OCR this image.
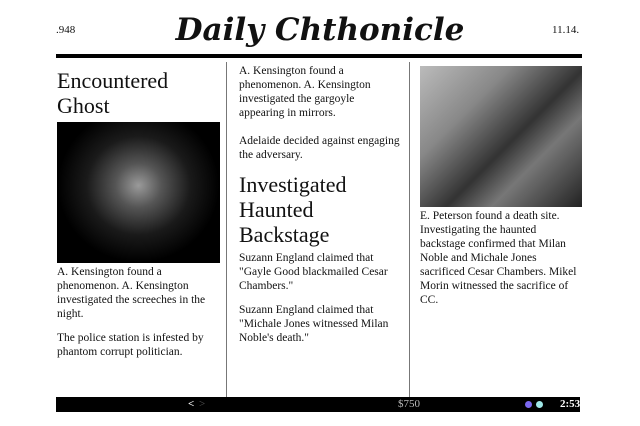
.948	Daily Chthonicle	11.14.
Encountered Ghost

A. Kensington found a phenomenon. A. Kensington investigated the screeches in the night.

The police station is infested by phantom corrupt politician.

A. Kensington found a phenomenon. A. Kensington investigated the gargoyle appearing in mirrors.

Adelaide decided against engaging the adversary.

Investigated Haunted Backstage

Suzann England claimed that "Gayle Good blackmailed Cesar Chambers."

Suzann England claimed that "Michale Jones witnessed Milan Noble's death."

E. Peterson found a death site. Investigating the haunted backstage confirmed that Milan Noble and Michale Jones sacrificed Cesar Chambers. Mikel Morin witnessed the sacrifice of CC.

< >	$750	2:53
